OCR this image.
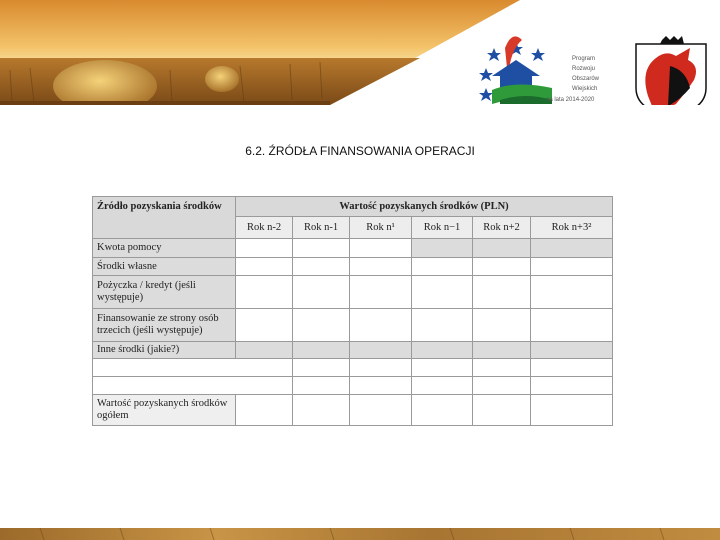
Program
Rozwoju
Obszarów
Wiejskich
na lata 2014-2020
6.2. ŹRÓDŁA FINANSOWANIA OPERACJI
Źródło pozyskania środków	Wartość pozyskanych środków (PLN)					
	Rok n-2	Rok n-1	Rok n¹	Rok n−1	Rok n+2	Rok n+3²
Kwota pomocy						
Środki własne						
Pożyczka / kredyt (jeśli występuje)						
Finansowanie ze strony osób trzecich (jeśli występuje)						
Inne środki (jakie?)						

Wartość pozyskanych środków ogółem						
